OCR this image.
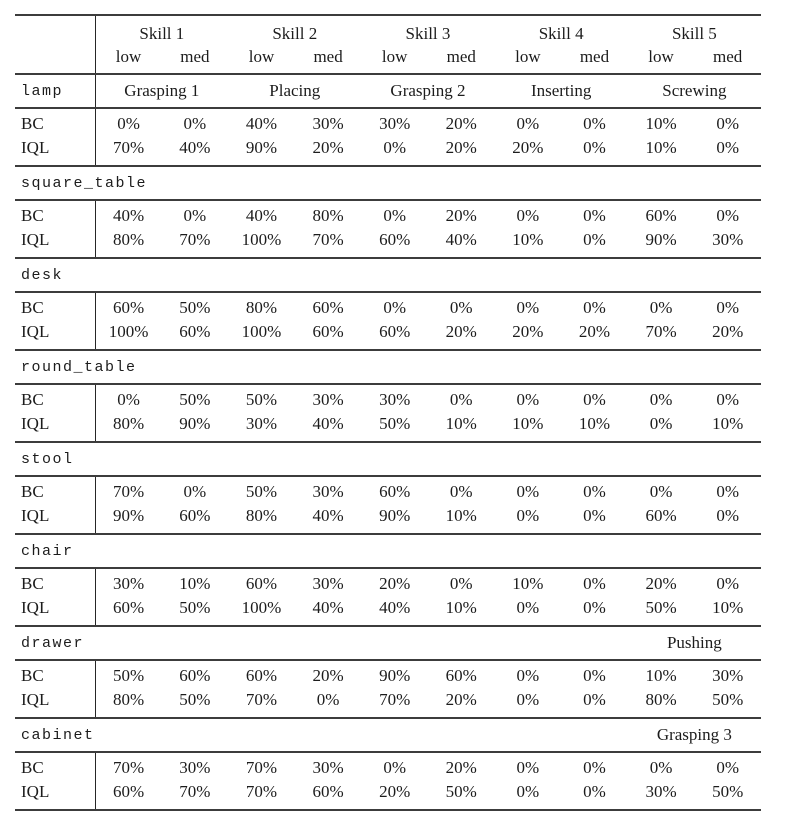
	Skill 1		Skill 2		Skill 3		Skill 4		Skill 5	
	low	med	low	med	low	med	low	med	low	med
lamp	Grasping 1		Placing		Grasping 2		Inserting		Screwing	
BC	0%	0%	40%	30%	30%	20%	0%	0%	10%	0%
IQL	70%	40%	90%	20%	0%	20%	20%	0%	10%	0%
square_table										
BC	40%	0%	40%	80%	0%	20%	0%	0%	60%	0%
IQL	80%	70%	100%	70%	60%	40%	10%	0%	90%	30%
desk										
BC	60%	50%	80%	60%	0%	0%	0%	0%	0%	0%
IQL	100%	60%	100%	60%	60%	20%	20%	20%	70%	20%
round_table										
BC	0%	50%	50%	30%	30%	0%	0%	0%	0%	0%
IQL	80%	90%	30%	40%	50%	10%	10%	10%	0%	10%
stool										
BC	70%	0%	50%	30%	60%	0%	0%	0%	0%	0%
IQL	90%	60%	80%	40%	90%	10%	0%	0%	60%	0%
chair										
BC	30%	10%	60%	30%	20%	0%	10%	0%	20%	0%
IQL	60%	50%	100%	40%	40%	10%	0%	0%	50%	10%
drawer									Pushing	
BC	50%	60%	60%	20%	90%	60%	0%	0%	10%	30%
IQL	80%	50%	70%	0%	70%	20%	0%	0%	80%	50%
cabinet									Grasping 3	
BC	70%	30%	70%	30%	0%	20%	0%	0%	0%	0%
IQL	60%	70%	70%	60%	20%	50%	0%	0%	30%	50%
